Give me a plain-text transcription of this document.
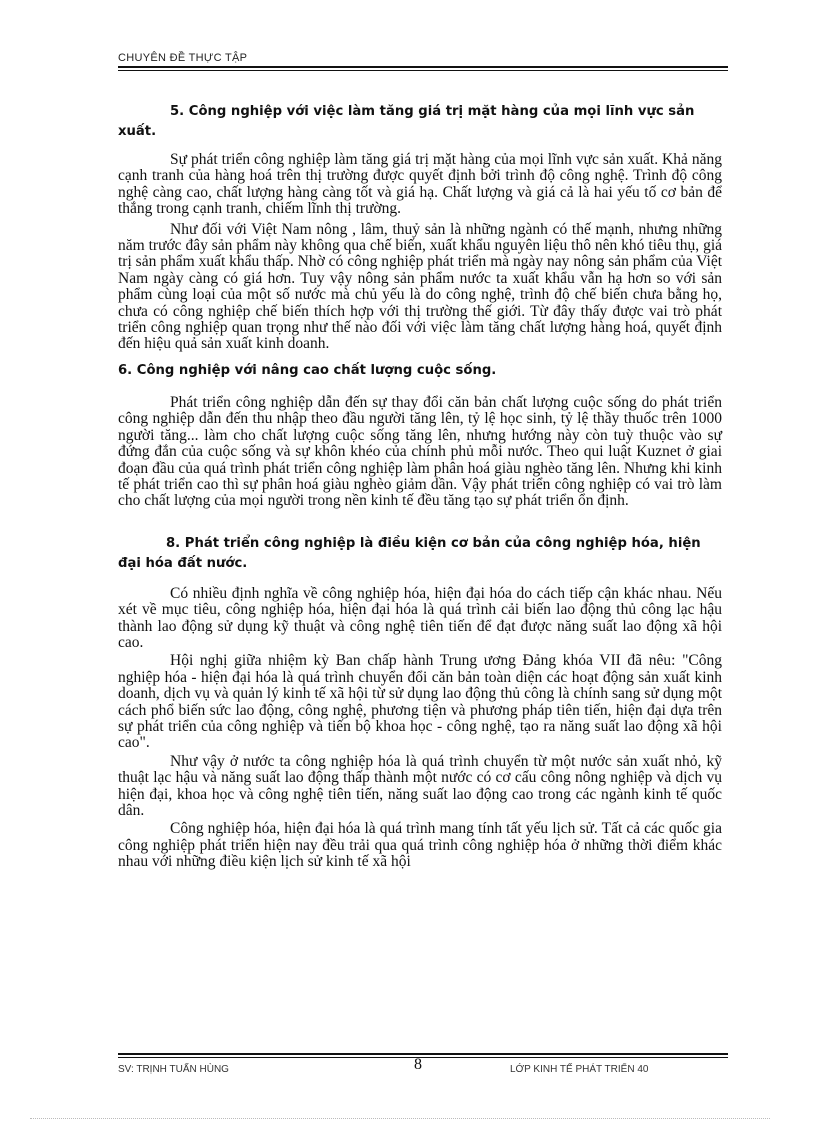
CHUYÊN ĐỀ THỰC TẬP

5. Công nghiệp với việc làm tăng giá trị mặt hàng của mọi lĩnh vực sản xuất.

Sự phát triển công nghiệp làm tăng giá trị mặt hàng của mọi lĩnh vực sản xuất. Khả năng cạnh tranh của hàng hoá trên thị trường được quyết định bởi trình độ công nghệ. Trình độ công nghệ càng cao, chất lượng hàng càng tốt và giá hạ. Chất lượng và giá cả là hai yếu tố cơ bản để thắng trong cạnh tranh, chiếm lĩnh thị trường.

Như đối với Việt Nam nông , lâm, thuỷ sản là những ngành có thế mạnh, nhưng những năm trước đây sản phẩm này không qua chế biến, xuất khẩu nguyên liệu thô nên khó tiêu thụ, giá trị sản phẩm xuất khẩu thấp. Nhờ có công nghiệp phát triển mà ngày nay nông sản phẩm của Việt Nam ngày càng có giá hơn. Tuy vậy nông sản phẩm nước ta xuất khẩu vẫn hạ hơn so với sản phẩm cùng loại của một số nước mà chủ yếu là do công nghệ, trình độ chế biến chưa bằng họ, chưa có công nghiệp chế biến thích hợp với thị trường thế giới. Từ đây thấy được vai trò phát triển công nghiệp quan trọng như thế nào đối với việc làm tăng chất lượng hàng hoá, quyết định đến hiệu quả sản xuất kinh doanh.

6. Công nghiệp với nâng cao chất lượng cuộc sống.

Phát triển công nghiệp dẫn đến sự thay đổi căn bản chất lượng cuộc sống do phát triển công nghiệp dẫn đến thu nhập theo đầu người tăng lên, tỷ lệ học sinh, tỷ lệ thầy thuốc trên 1000 người tăng... làm cho chất lượng cuộc sống tăng lên, nhưng hướng này còn tuỳ thuộc vào sự đứng đắn của cuộc sống và sự khôn khéo của chính phủ mỗi nước. Theo qui luật Kuznet ở giai đoạn đầu của quá trình phát triển công nghiệp làm phân hoá giàu nghèo tăng lên. Nhưng khi kinh tế phát triển cao thì sự phân hoá giàu nghèo giảm dần. Vậy phát triển công nghiệp có vai trò làm cho chất lượng của mọi người trong nền kinh tế đều tăng tạo sự phát triển ổn định.

8. Phát triển công nghiệp là điều kiện cơ bản của công nghiệp hóa, hiện đại hóa đất nước.

Có nhiều định nghĩa về công nghiệp hóa, hiện đại hóa do cách tiếp cận khác nhau. Nếu xét về mục tiêu, công nghiệp hóa, hiện đại hóa là quá trình cải biến lao động thủ công lạc hậu thành lao động sử dụng kỹ thuật và công nghệ tiên tiến để đạt được năng suất lao động xã hội cao.

Hội nghị giữa nhiệm kỳ Ban chấp hành Trung ương Đảng khóa VII đã nêu: "Công nghiệp hóa - hiện đại hóa là quá trình chuyển đổi căn bản toàn diện các hoạt động sản xuất kinh doanh, dịch vụ và quản lý kinh tế xã hội từ sử dụng lao động thủ công là chính sang sử dụng một cách phổ biến sức lao động, công nghệ, phương tiện và phương pháp tiên tiến, hiện đại dựa trên sự phát triển của công nghiệp và tiến bộ khoa học - công nghệ, tạo ra năng suất lao động xã hội cao".

Như vậy ở nước ta công nghiệp hóa là quá trình chuyển từ một nước sản xuất nhỏ, kỹ thuật lạc hậu và năng suất lao động thấp thành một nước có cơ cấu công nông nghiệp và dịch vụ hiện đại, khoa học và công nghệ tiên tiến, năng suất lao động cao trong các ngành kinh tế quốc dân.

Công nghiệp hóa, hiện đại hóa là quá trình mang tính tất yếu lịch sử. Tất cả các quốc gia công nghiệp phát triển hiện nay đều trải qua quá trình công nghiệp hóa ở những thời điểm khác nhau với những điều kiện lịch sử kinh tế xã hội

SV: TRỊNH TUẤN HÙNG	8	LỚP KINH TẾ PHÁT TRIỂN 40
